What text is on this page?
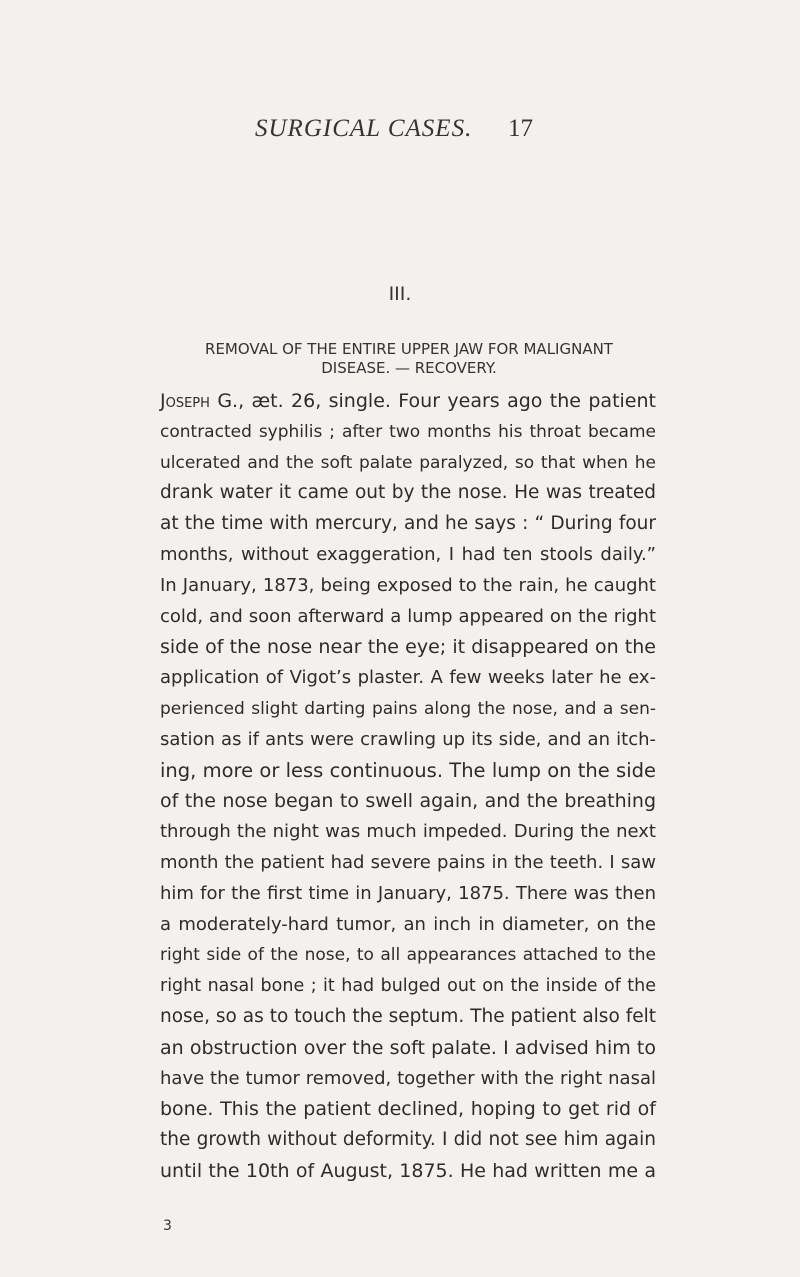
SURGICAL CASES. 17
III.
REMOVAL OF THE ENTIRE UPPER JAW FOR MALIGNANT
DISEASE. — RECOVERY.
Joseph G., æt. 26, single. Four years ago the patient
contracted syphilis ; after two months his throat became
ulcerated and the soft palate paralyzed, so that when he
drank water it came out by the nose. He was treated
at the time with mercury, and he says : “ During four
months, without exaggeration, I had ten stools daily.”
In January, 1873, being exposed to the rain, he caught
cold, and soon afterward a lump appeared on the right
side of the nose near the eye; it disappeared on the
application of Vigot’s plaster. A few weeks later he ex-
perienced slight darting pains along the nose, and a sen-
sation as if ants were crawling up its side, and an itch-
ing, more or less continuous. The lump on the side
of the nose began to swell again, and the breathing
through the night was much impeded. During the next
month the patient had severe pains in the teeth. I saw
him for the first time in January, 1875. There was then
a moderately-hard tumor, an inch in diameter, on the
right side of the nose, to all appearances attached to the
right nasal bone ; it had bulged out on the inside of the
nose, so as to touch the septum. The patient also felt
an obstruction over the soft palate. I advised him to
have the tumor removed, together with the right nasal
bone. This the patient declined, hoping to get rid of
the growth without deformity. I did not see him again
until the 10th of August, 1875. He had written me a
3
